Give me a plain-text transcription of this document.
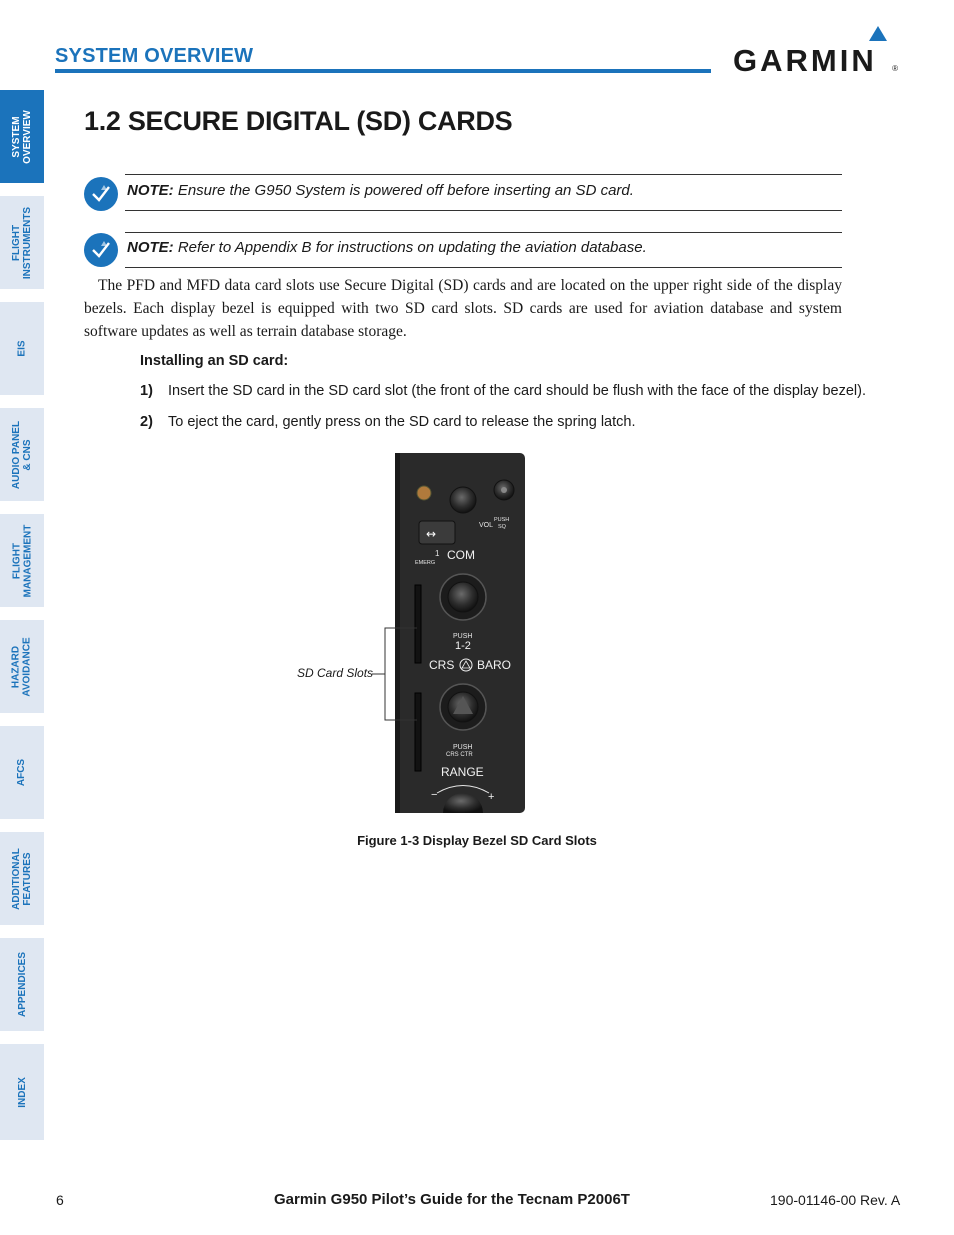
SYSTEM OVERVIEW
FLIGHT INSTRUMENTS
EIS
AUDIO PANEL & CNS
FLIGHT MANAGEMENT
HAZARD AVOIDANCE
AFCS
ADDITIONAL FEATURES
APPENDICES
INDEX
SYSTEM OVERVIEW	GARMIN ®
1.2 SECURE DIGITAL (SD) CARDS
NOTE: Ensure the G950 System is powered off before inserting an SD card.
NOTE: Refer to Appendix B for instructions on updating the aviation database.

The PFD and MFD data card slots use Secure Digital (SD) cards and are located on the upper right side of the display bezels. Each display bezel is equipped with two SD card slots. SD cards are used for aviation database and system software updates as well as terrain database storage.

Installing an SD card:
1) Insert the SD card in the SD card slot (the front of the card should be flush with the face of the display bezel).
2) To eject the card, gently press on the SD card to release the spring latch.
VOL
PUSH
SQ
↔
EMERG
1 COM
PUSH
1-2
CRS BARO
PUSH
CRS CTR
RANGE
−	+
SD Card Slots
Figure 1-3 Display Bezel SD Card Slots
6	Garmin G950 Pilot’s Guide for the Tecnam P2006T	190-01146-00 Rev. A
